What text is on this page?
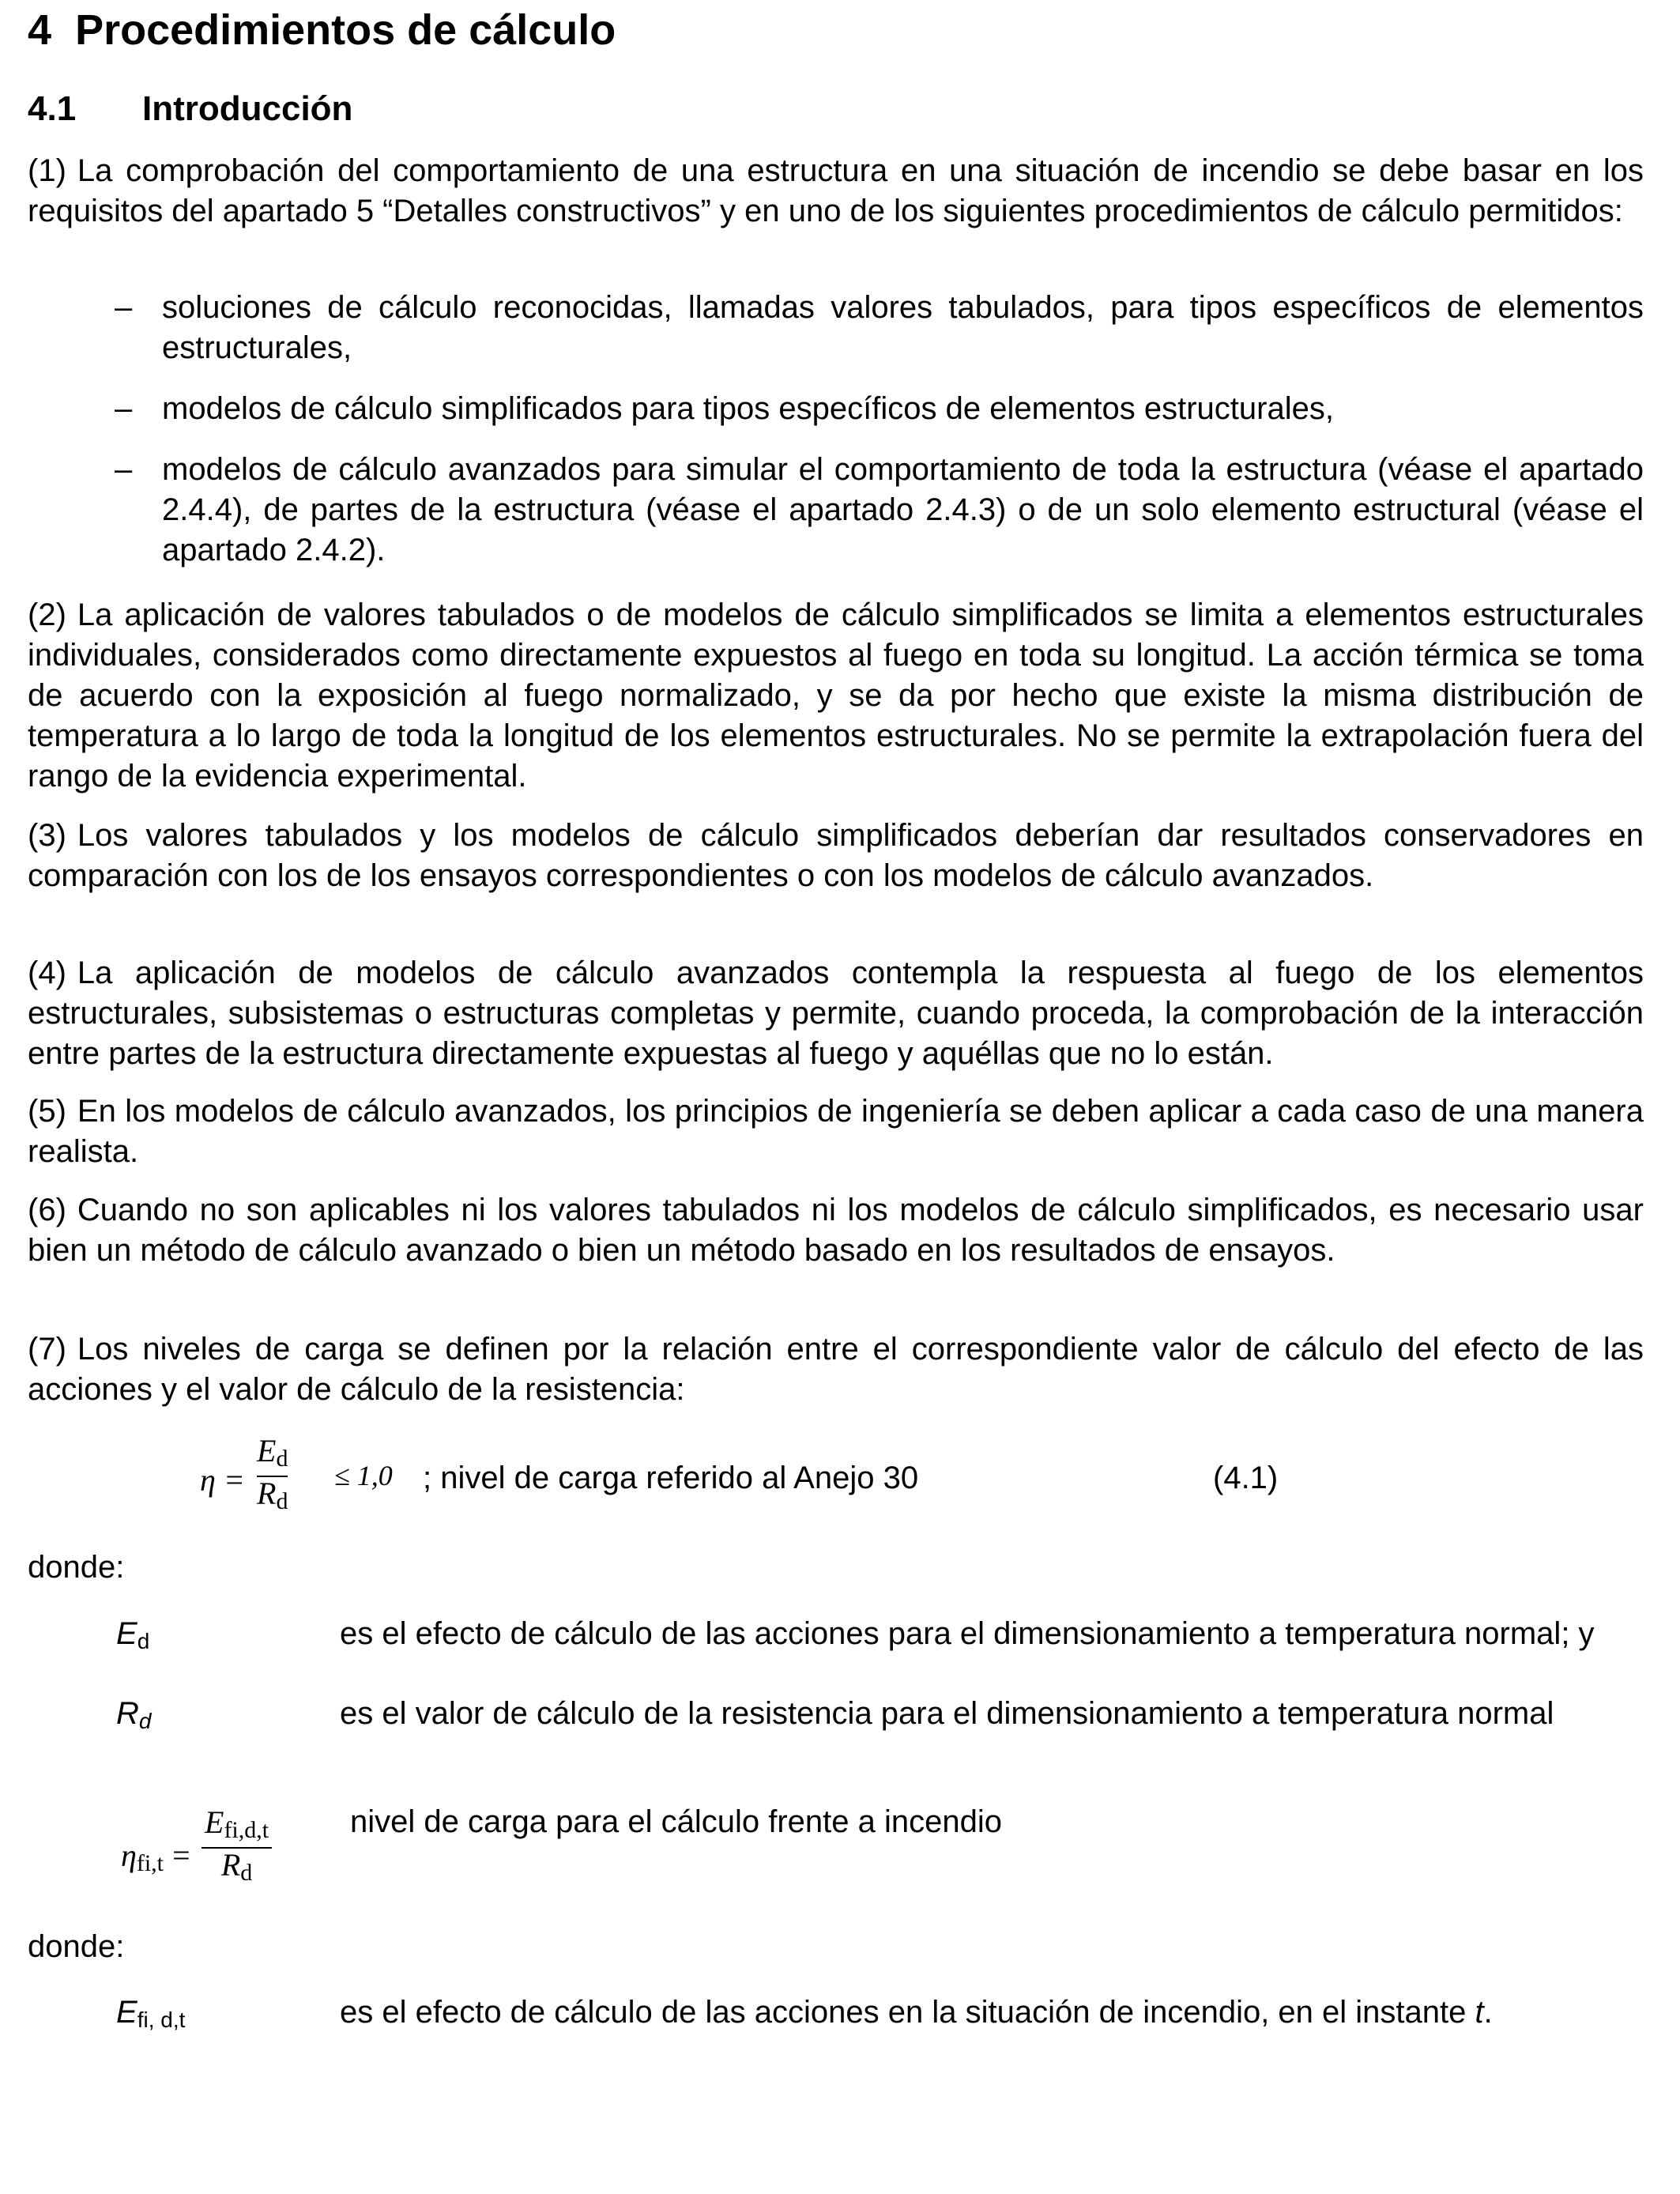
4 Procedimientos de cálculo
4.1 Introducción

(1) La comprobación del comportamiento de una estructura en una situación de incendio se debe basar en los requisitos del apartado 5 “Detalles constructivos” y en uno de los siguientes procedimientos de cálculo permitidos:

– soluciones de cálculo reconocidas, llamadas valores tabulados, para tipos específicos de elementos estructurales,
– modelos de cálculo simplificados para tipos específicos de elementos estructurales,
– modelos de cálculo avanzados para simular el comportamiento de toda la estructura (véase el apartado 2.4.4), de partes de la estructura (véase el apartado 2.4.3) o de un solo elemento estructural (véase el apartado 2.4.2).

(2) La aplicación de valores tabulados o de modelos de cálculo simplificados se limita a elementos estructurales individuales, considerados como directamente expuestos al fuego en toda su longitud. La acción térmica se toma de acuerdo con la exposición al fuego normalizado, y se da por hecho que existe la misma distribución de temperatura a lo largo de toda la longitud de los elementos estructurales. No se permite la extrapolación fuera del rango de la evidencia experimental.

(3) Los valores tabulados y los modelos de cálculo simplificados deberían dar resultados conservadores en comparación con los de los ensayos correspondientes o con los modelos de cálculo avanzados.

(4) La aplicación de modelos de cálculo avanzados contempla la respuesta al fuego de los elementos estructurales, subsistemas o estructuras completas y permite, cuando proceda, la comprobación de la interacción entre partes de la estructura directamente expuestas al fuego y aquéllas que no lo están.

(5) En los modelos de cálculo avanzados, los principios de ingeniería se deben aplicar a cada caso de una manera realista.

(6) Cuando no son aplicables ni los valores tabulados ni los modelos de cálculo simplificados, es necesario usar bien un método de cálculo avanzado o bien un método basado en los resultados de ensayos.

(7) Los niveles de carga se definen por la relación entre el correspondiente valor de cálculo del efecto de las acciones y el valor de cálculo de la resistencia:

η =
$E_d$
$R_d$
≤ 1,0 ; nivel de carga referido al Anejo 30	(4.1)
donde:
$E_d$	es el efecto de cálculo de las acciones para el dimensionamiento a temperatura normal; y
$R_d$	es el valor de cálculo de la resistencia para el dimensionamiento a temperatura normal
$\eta_{fi,t}$ =
$E_{fi,d,t}$
$R_d$
nivel de carga para el cálculo frente a incendio
donde:
$E_{fi, d,t}$	es el efecto de cálculo de las acciones en la situación de incendio, en el instante t.
